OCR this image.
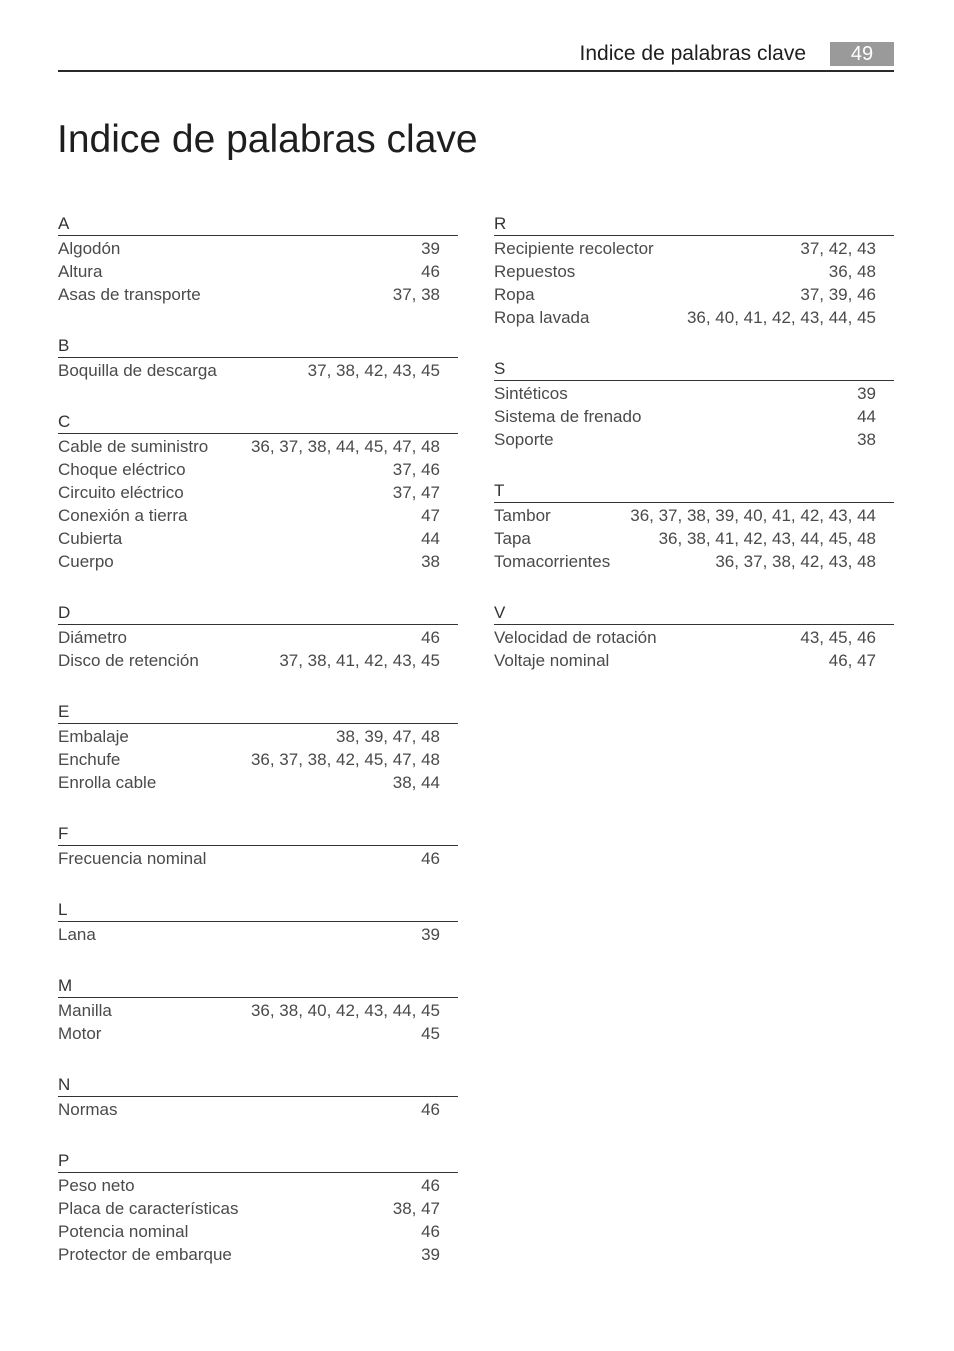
Indice de palabras clave	49
Indice de palabras clave
A
Algodón	39
Altura	46
Asas de transporte	37, 38
B
Boquilla de descarga	37, 38, 42, 43, 45
C
Cable de suministro	36, 37, 38, 44, 45, 47, 48
Choque eléctrico	37, 46
Circuito eléctrico	37, 47
Conexión a tierra	47
Cubierta	44
Cuerpo	38
D
Diámetro	46
Disco de retención	37, 38, 41, 42, 43, 45
E
Embalaje	38, 39, 47, 48
Enchufe	36, 37, 38, 42, 45, 47, 48
Enrolla cable	38, 44
F
Frecuencia nominal	46
L
Lana	39
M
Manilla	36, 38, 40, 42, 43, 44, 45
Motor	45
N
Normas	46
P
Peso neto	46
Placa de características	38, 47
Potencia nominal	46
Protector de embarque	39
R
Recipiente recolector	37, 42, 43
Repuestos	36, 48
Ropa	37, 39, 46
Ropa lavada	36, 40, 41, 42, 43, 44, 45
S
Sintéticos	39
Sistema de frenado	44
Soporte	38
T
Tambor	36, 37, 38, 39, 40, 41, 42, 43, 44
Tapa	36, 38, 41, 42, 43, 44, 45, 48
Tomacorrientes	36, 37, 38, 42, 43, 48
V
Velocidad de rotación	43, 45, 46
Voltaje nominal	46, 47
